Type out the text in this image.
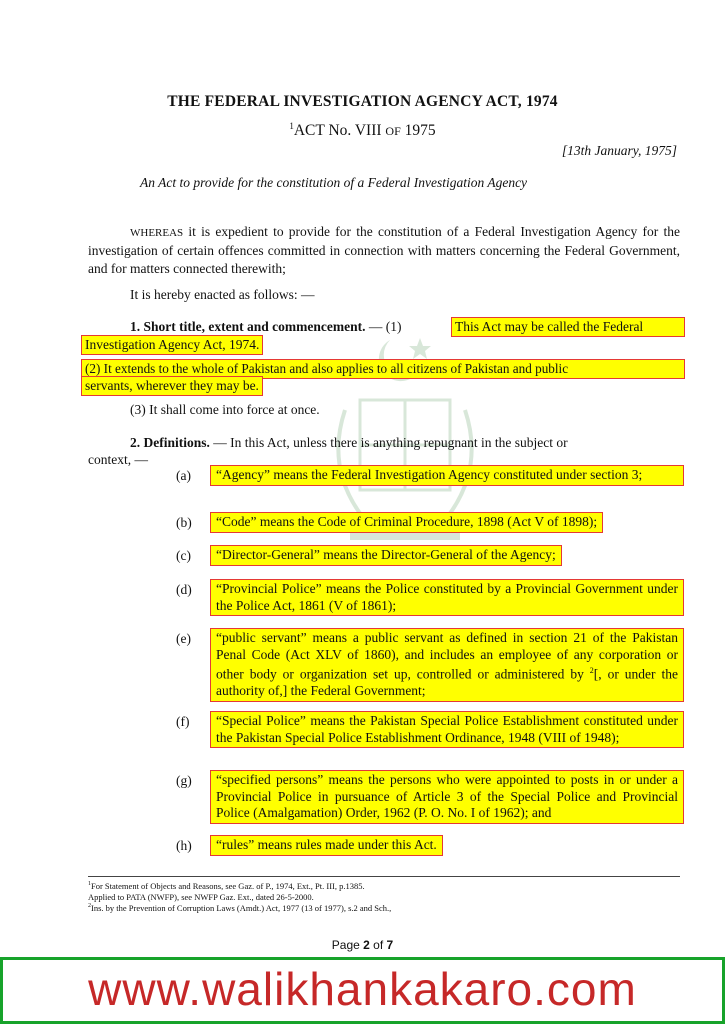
THE FEDERAL INVESTIGATION AGENCY ACT, 1974
$^1$ACT No. VIII OF 1975
[13th January, 1975]
An Act to provide for the constitution of a Federal Investigation Agency
WHEREAS it is expedient to provide for the constitution of a Federal Investigation Agency for the investigation of certain offences committed in connection with matters concerning the Federal Government, and for matters connected therewith;
It is hereby enacted as follows: —
1. Short title, extent and commencement. — (1)	This Act may be called the Federal
Investigation Agency Act, 1974.
(2) It extends to the whole of Pakistan and also applies to all citizens of Pakistan and public
servants, wherever they may be.
(3) It shall come into force at once.
2. Definitions. — In this Act, unless there is anything repugnant in the subject or
context, —
(a)	“Agency” means the Federal Investigation Agency constituted under section 3;
(b)	“Code” means the Code of Criminal Procedure, 1898 (Act V of 1898);
(c)	“Director-General” means the Director-General of the Agency;
(d)	“Provincial Police” means the Police constituted by a Provincial Government under the Police Act, 1861 (V of 1861);
(e)	“public servant” means a public servant as defined in section 21 of the Pakistan Penal Code (Act XLV of 1860), and includes an employee of any corporation or other body or organization set up, controlled or administered by $^2$[, or under the authority of,] the Federal Government;
(f)	“Special Police” means the Pakistan Special Police Establishment constituted under the Pakistan Special Police Establishment Ordinance, 1948 (VIII of 1948);
(g)	“specified persons” means the persons who were appointed to posts in or under a Provincial Police in pursuance of Article 3 of the Special Police and Provincial Police (Amalgamation) Order, 1962 (P. O. No. I of 1962); and
(h)	“rules” means rules made under this Act.
$^1$For Statement of Objects and Reasons, see Gaz. of P., 1974, Ext., Pt. III, p.1385.
Applied to PATA (NWFP), see NWFP Gaz. Ext., dated 26-5-2000.
$^2$Ins. by the Prevention of Corruption Laws (Amdt.) Act, 1977 (13 of 1977), s.2 and Sch.,
Page 2 of 7
www.walikhankakaro.com
